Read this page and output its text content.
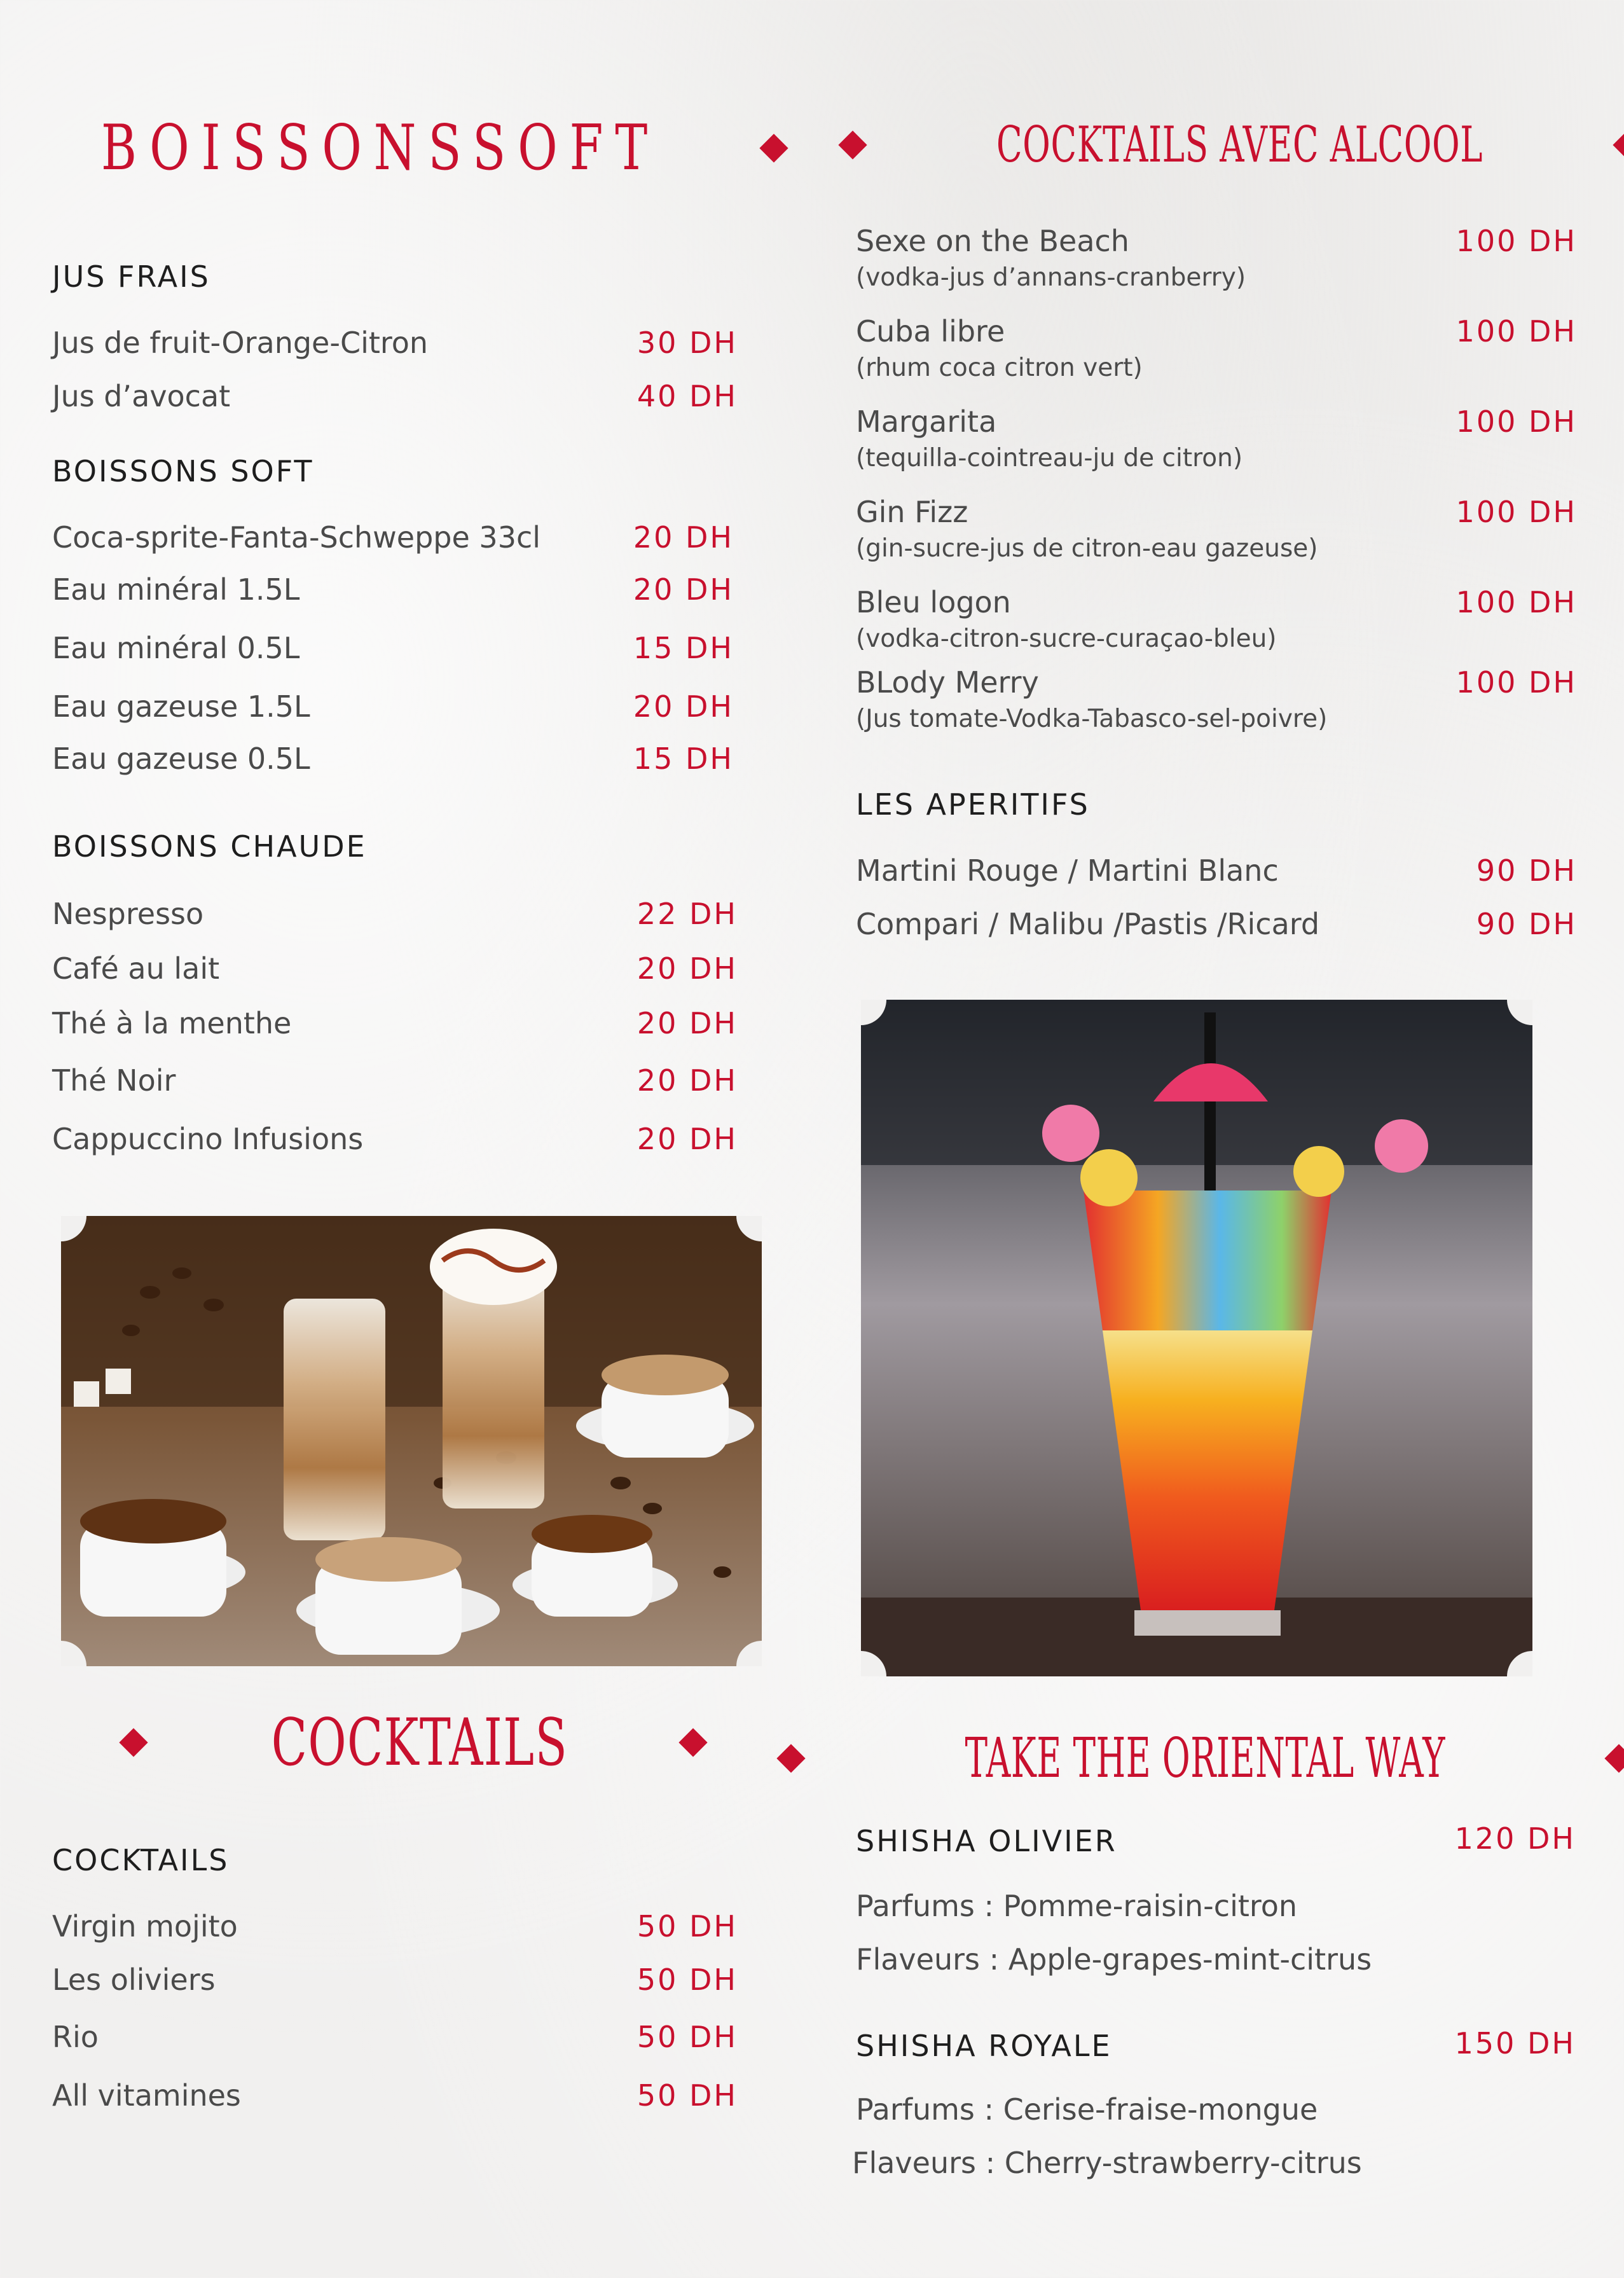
BOISSONSSOFT
JUS FRAIS
Jus de fruit-Orange-Citron	30 DH
Jus d’avocat	40 DH
BOISSONS SOFT
Coca-sprite-Fanta-Schweppe 33cl	20 DH
Eau minéral 1.5L	20 DH
Eau minéral 0.5L	15 DH
Eau gazeuse 1.5L	20 DH
Eau gazeuse 0.5L	15 DH
BOISSONS CHAUDE
Nespresso	22 DH
Café au lait	20 DH
Thé à la menthe	20 DH
Thé Noir	20 DH
Cappuccino Infusions	20 DH
COCKTAILS
COCKTAILS
Virgin mojito	50 DH
Les oliviers	50 DH
Rio	50 DH
All vitamines	50 DH
COCKTAILS AVEC ALCOOL
Sexe on the Beach
(vodka-jus d’annans-cranberry)
100 DH
Cuba libre
(rhum coca citron vert)
100 DH
Margarita
(tequilla-cointreau-ju de citron)
100 DH
Gin Fizz
(gin-sucre-jus de citron-eau gazeuse)
100 DH
Bleu logon
(vodka-citron-sucre-curaçao-bleu)
100 DH
BLody Merry
(Jus tomate-Vodka-Tabasco-sel-poivre)
100 DH
LES APERITIFS
Martini Rouge / Martini Blanc	90 DH
Compari / Malibu /Pastis /Ricard	90 DH
TAKE THE ORIENTAL WAY
SHISHA OLIVIER	120 DH
Parfums : Pomme-raisin-citron
Flaveurs : Apple-grapes-mint-citrus
SHISHA ROYALE	150 DH
Parfums : Cerise-fraise-mongue
Flaveurs : Cherry-strawberry-citrus
